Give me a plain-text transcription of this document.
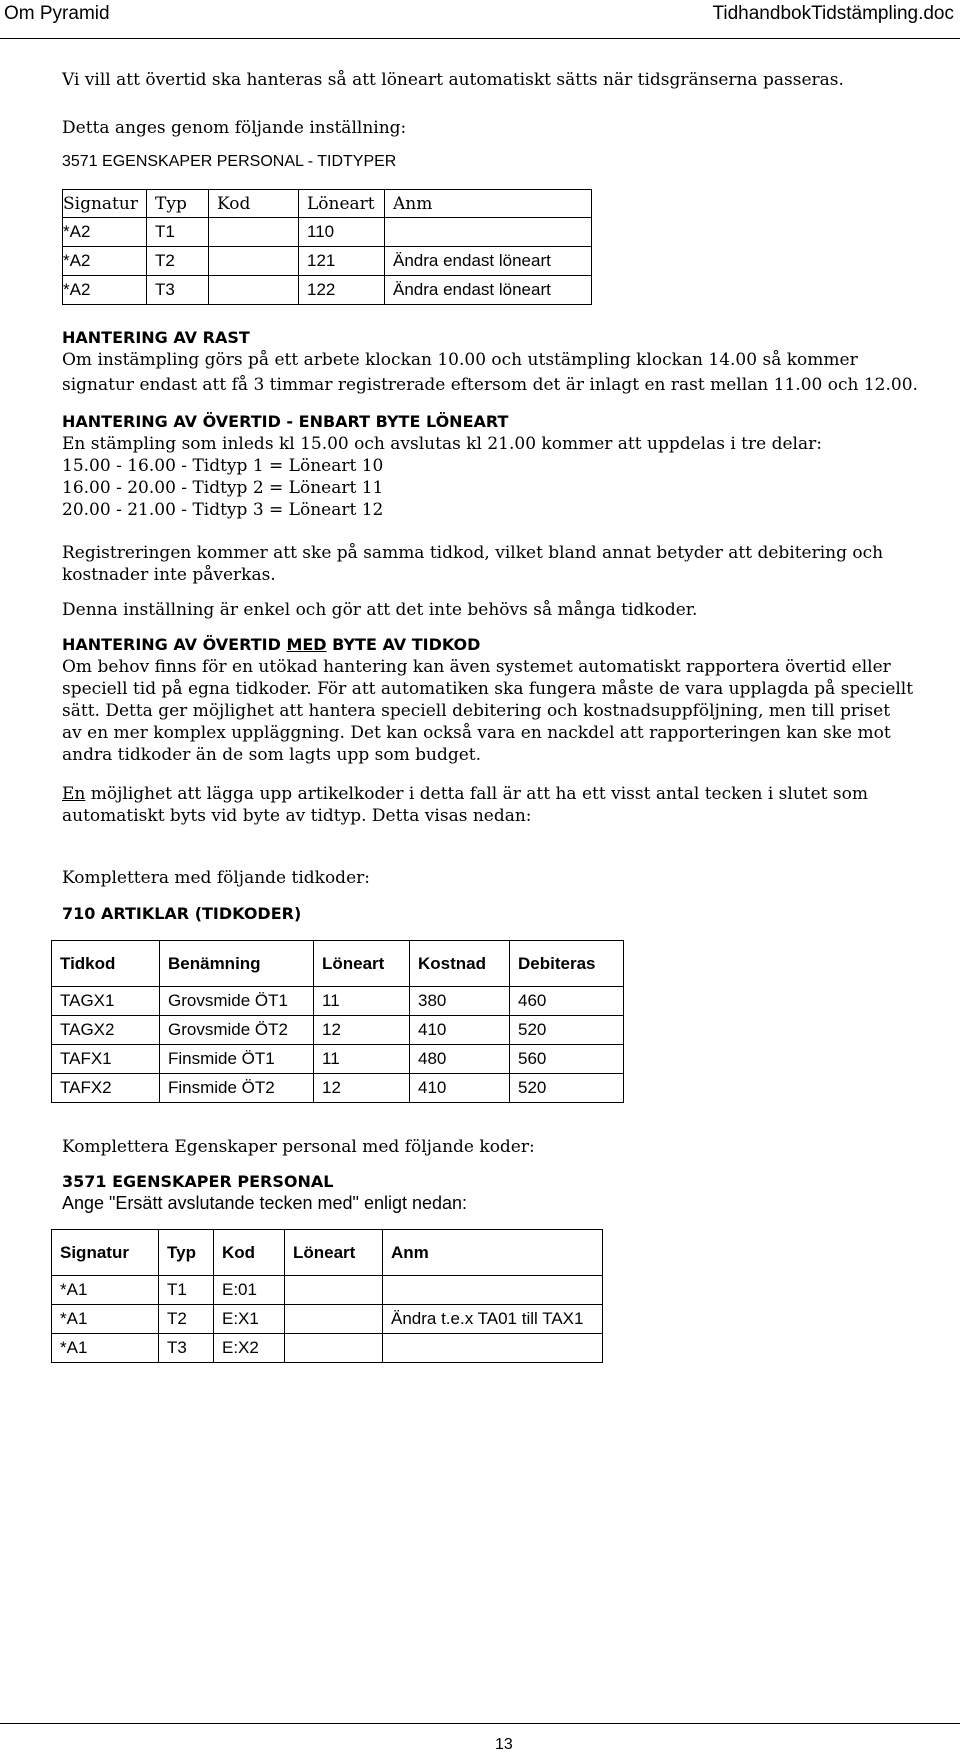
Om Pyramid	TidhandbokTidstämpling.doc
Vi vill att övertid ska hanteras så att löneart automatiskt sätts när tidsgränserna passeras.
Detta anges genom följande inställning:
3571 EGENSKAPER PERSONAL - TIDTYPER
Signatur	Typ	Kod	Löneart	Anm
*A2	T1		110	
*A2	T2		121	Ändra endast löneart
*A2	T3		122	Ändra endast löneart
HANTERING AV RAST
Om instämpling görs på ett arbete klockan 10.00 och utstämpling klockan 14.00 så kommer
signatur endast att få 3 timmar registrerade eftersom det är inlagt en rast mellan 11.00 och 12.00.
HANTERING AV ÖVERTID - ENBART BYTE LÖNEART
En stämpling som inleds kl 15.00 och avslutas kl 21.00 kommer att uppdelas i tre delar:
15.00 - 16.00 - Tidtyp 1 = Löneart 10
16.00 - 20.00 - Tidtyp 2 = Löneart 11
20.00 - 21.00 - Tidtyp 3 = Löneart 12
Registreringen kommer att ske på samma tidkod, vilket bland annat betyder att debitering och
kostnader inte påverkas.
Denna inställning är enkel och gör att det inte behövs så många tidkoder.
HANTERING AV ÖVERTID MED BYTE AV TIDKOD
Om behov finns för en utökad hantering kan även systemet automatiskt rapportera övertid eller
speciell tid på egna tidkoder. För att automatiken ska fungera måste de vara upplagda på speciellt
sätt. Detta ger möjlighet att hantera speciell debitering och kostnadsuppföljning, men till priset
av en mer komplex uppläggning. Det kan också vara en nackdel att rapporteringen kan ske mot
andra tidkoder än de som lagts upp som budget.
En möjlighet att lägga upp artikelkoder i detta fall är att ha ett visst antal tecken i slutet som
automatiskt byts vid byte av tidtyp. Detta visas nedan:
Komplettera med följande tidkoder:
710 ARTIKLAR (TIDKODER)
Tidkod	Benämning	Löneart	Kostnad	Debiteras
TAGX1	Grovsmide ÖT1	11	380	460
TAGX2	Grovsmide ÖT2	12	410	520
TAFX1	Finsmide ÖT1	11	480	560
TAFX2	Finsmide ÖT2	12	410	520
Komplettera Egenskaper personal med följande koder:
3571 EGENSKAPER PERSONAL
Ange "Ersätt avslutande tecken med" enligt nedan:
Signatur	Typ	Kod	Löneart	Anm
*A1	T1	E:01		
*A1	T2	E:X1		Ändra t.e.x TA01 till TAX1
*A1	T3	E:X2		
13
